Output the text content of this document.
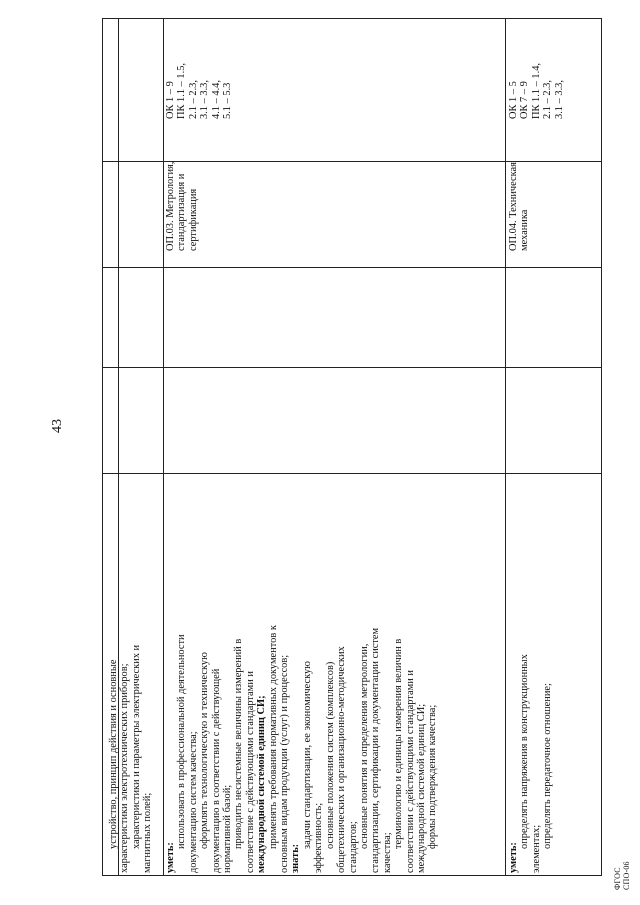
43
устройство, принцип действия и основные характеристики электротехнических приборов; характеристики и параметры электрических и магнитных полей; уметь:
использовать в профессиональной деятельности документацию систем качества; оформлять технологическую и техническую документацию в соответствии с действующей нормативной базой; приводить несистемные величины измерений в соответствие с действующими стандартами и международной системой единиц СИ; применять требования нормативных документов к основным видам продукции (услуг) и процессов; знать:
задачи стандартизации, ее экономическую эффективность; основные положения систем (комплексов) общетехнических и организационно-методических стандартов; основные понятия и определения метрологии, стандартизации, сертификации и документации систем качества;
терминологию и единицы измерения величин в соответствии с действующими стандартами и международной системой единиц СИ; формы подтверждения качества;
уметь:
определять напряжения в конструкционных элементах; определять передаточное отношение;
ОП.03. Метрология, стандартизация и сертификация	ОП.04. Техническая механика
ОК 1 – 9 ПК 1.1 – 1.5, 2.1 – 2.3, 3.1 – 3.3, 4.1 – 4.4, 5.1 – 5.3	ОК 1 – 5 ОК 7 – 9 ПК 1.1 – 1.4, 2.1 – 2.3, 3.1 – 3.3,
ФГОС СПО-06
